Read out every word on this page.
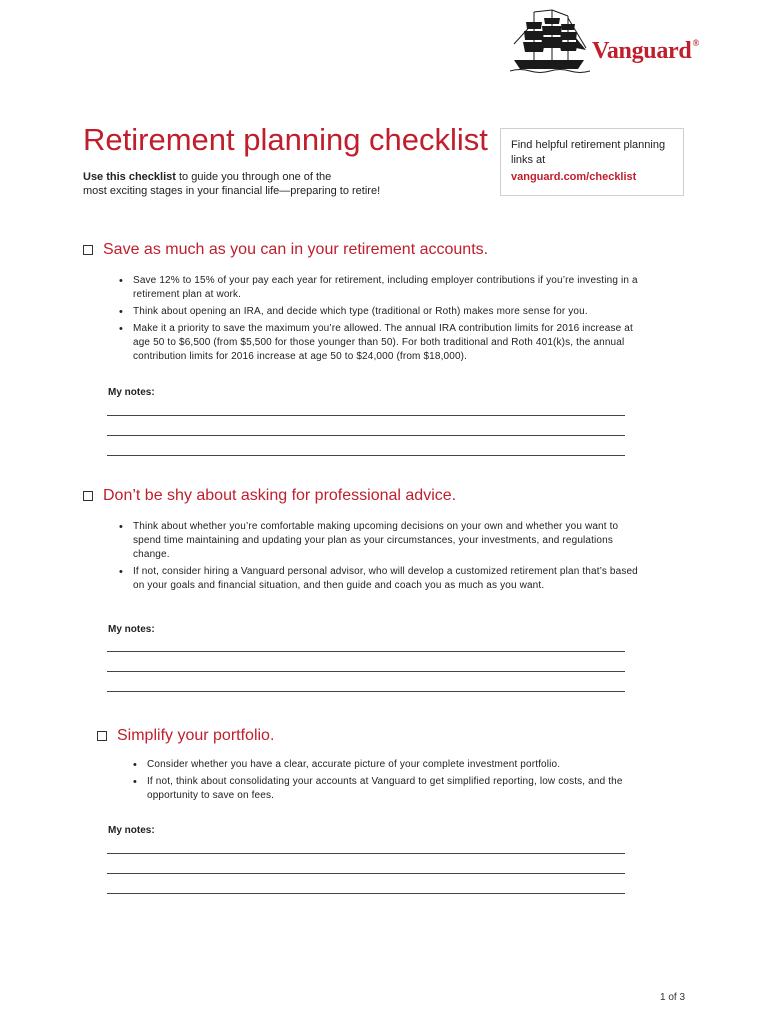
Vanguard®
Retirement planning checklist
Use this checklist to guide you through one of the
most exciting stages in your financial life—preparing to retire!
Find helpful retirement planning links at
vanguard.com/checklist
Save as much as you can in your retirement accounts.
• Save 12% to 15% of your pay each year for retirement, including employer contributions if you’re investing in a retirement plan at work.
• Think about opening an IRA, and decide which type (traditional or Roth) makes more sense for you.
• Make it a priority to save the maximum you’re allowed. The annual IRA contribution limits for 2016 increase at age 50 to $6,500 (from $5,500 for those younger than 50). For both traditional and Roth 401(k)s, the annual contribution limits for 2016 increase at age 50 to $24,000 (from $18,000).
My notes:
Don’t be shy about asking for professional advice.
• Think about whether you’re comfortable making upcoming decisions on your own and whether you want to spend time maintaining and updating your plan as your circumstances, your investments, and regulations change.
• If not, consider hiring a Vanguard personal advisor, who will develop a customized retirement plan that’s based on your goals and financial situation, and then guide and coach you as much as you want.
My notes:
Simplify your portfolio.
• Consider whether you have a clear, accurate picture of your complete investment portfolio.
• If not, think about consolidating your accounts at Vanguard to get simplified reporting, low costs, and the opportunity to save on fees.
My notes:
1 of 3
